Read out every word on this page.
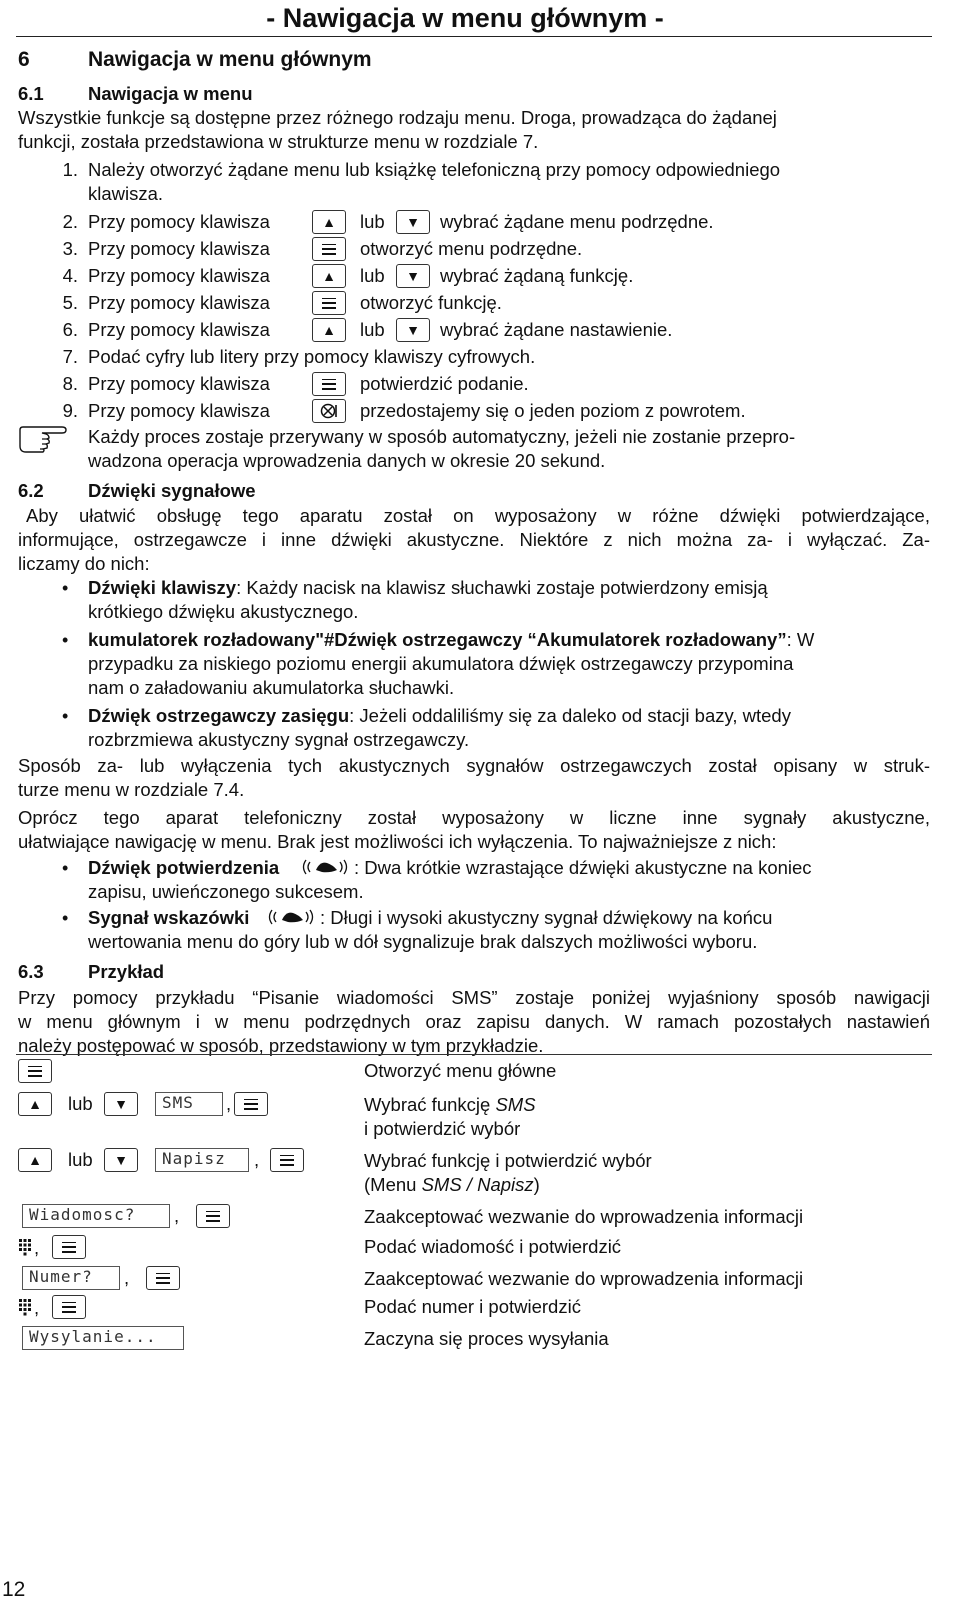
- Nawigacja w menu głównym -
6	Nawigacja w menu głównym
6.1 Nawigacja w menu
Wszystkie funkcje są dostępne przez różnego rodzaju menu. Droga, prowadząca do żądanej
funkcji, została przedstawiona w strukturze menu w rozdziale 7.
1. Należy otworzyć żądane menu lub książkę telefoniczną przy pomocy odpowiedniego
klawisza.
2. Przy pomocy klawisza	▲ lub ▼ wybrać żądane menu podrzędne.
3. Przy pomocy klawisza	otworzyć menu podrzędne.
4. Przy pomocy klawisza	▲ lub ▼ wybrać żądaną funkcję.
5. Przy pomocy klawisza	otworzyć funkcję.
6. Przy pomocy klawisza	▲ lub ▼ wybrać żądane nastawienie.
7. Podać cyfry lub litery przy pomocy klawiszy cyfrowych.
8. Przy pomocy klawisza	potwierdzić podanie.
9. Przy pomocy klawisza	przedostajemy się o jeden poziom z powrotem.
Każdy proces zostaje przerywany w sposób automatyczny, jeżeli nie zostanie przepro-
wadzona operacja wprowadzenia danych w okresie 20 sekund.
6.2 Dźwięki sygnałowe
Aby ułatwić obsługę tego aparatu został on wyposażony w różne dźwięki potwierdzające,
informujące, ostrzegawcze i inne dźwięki akustyczne. Niektóre z nich można za- i wyłączać. Za-
liczamy do nich:
• Dźwięki klawiszy: Każdy nacisk na klawisz słuchawki zostaje potwierdzony emisją
krótkiego dźwięku akustycznego.
• kumulatorek rozładowany"#Dźwięk ostrzegawczy “Akumulatorek rozładowany”: W
przypadku za niskiego poziomu energii akumulatora dźwięk ostrzegawczy przypomina
nam o załadowaniu akumulatorka słuchawki.
• Dźwięk ostrzegawczy zasięgu: Jeżeli oddaliliśmy się za daleko od stacji bazy, wtedy
rozbrzmiewa akustyczny sygnał ostrzegawczy.
Sposób za- lub wyłączenia tych akustycznych sygnałów ostrzegawczych został opisany w struk-
turze menu w rozdziale 7.4.
Oprócz tego aparat telefoniczny został wyposażony w liczne inne sygnały akustyczne,
ułatwiające nawigację w menu. Brak jest możliwości ich wyłączenia. To najważniejsze z nich:
• Dźwięk potwierdzenia	: Dwa krótkie wzrastające dźwięki akustyczne na koniec
zapisu, uwieńczonego sukcesem.
• Sygnał wskazówki	: Długi i wysoki akustyczny sygnał dźwiękowy na końcu
wertowania menu do góry lub w dół sygnalizuje brak dalszych możliwości wyboru.
6.3 Przykład
Przy pomocy przykładu “Pisanie wiadomości SMS” zostaje poniżej wyjaśniony sposób nawigacji
w menu głównym i w menu podrzędnych oraz zapisu danych. W ramach pozostałych nastawień
należy postępować w sposób, przedstawiony w tym przykładzie.
Otworzyć menu główne
▲ lub ▼	SMS	,	Wybrać funkcję SMS
i potwierdzić wybór
▲ lub ▼	Napisz	,	Wybrać funkcję i potwierdzić wybór
(Menu SMS / Napisz)
Wiadomosc?	,	Zaakceptować wezwanie do wprowadzenia informacji
,	Podać wiadomość i potwierdzić
Numer?	,	Zaakceptować wezwanie do wprowadzenia informacji
,	Podać numer i potwierdzić
Wysylanie...	Zaczyna się proces wysyłania
12
